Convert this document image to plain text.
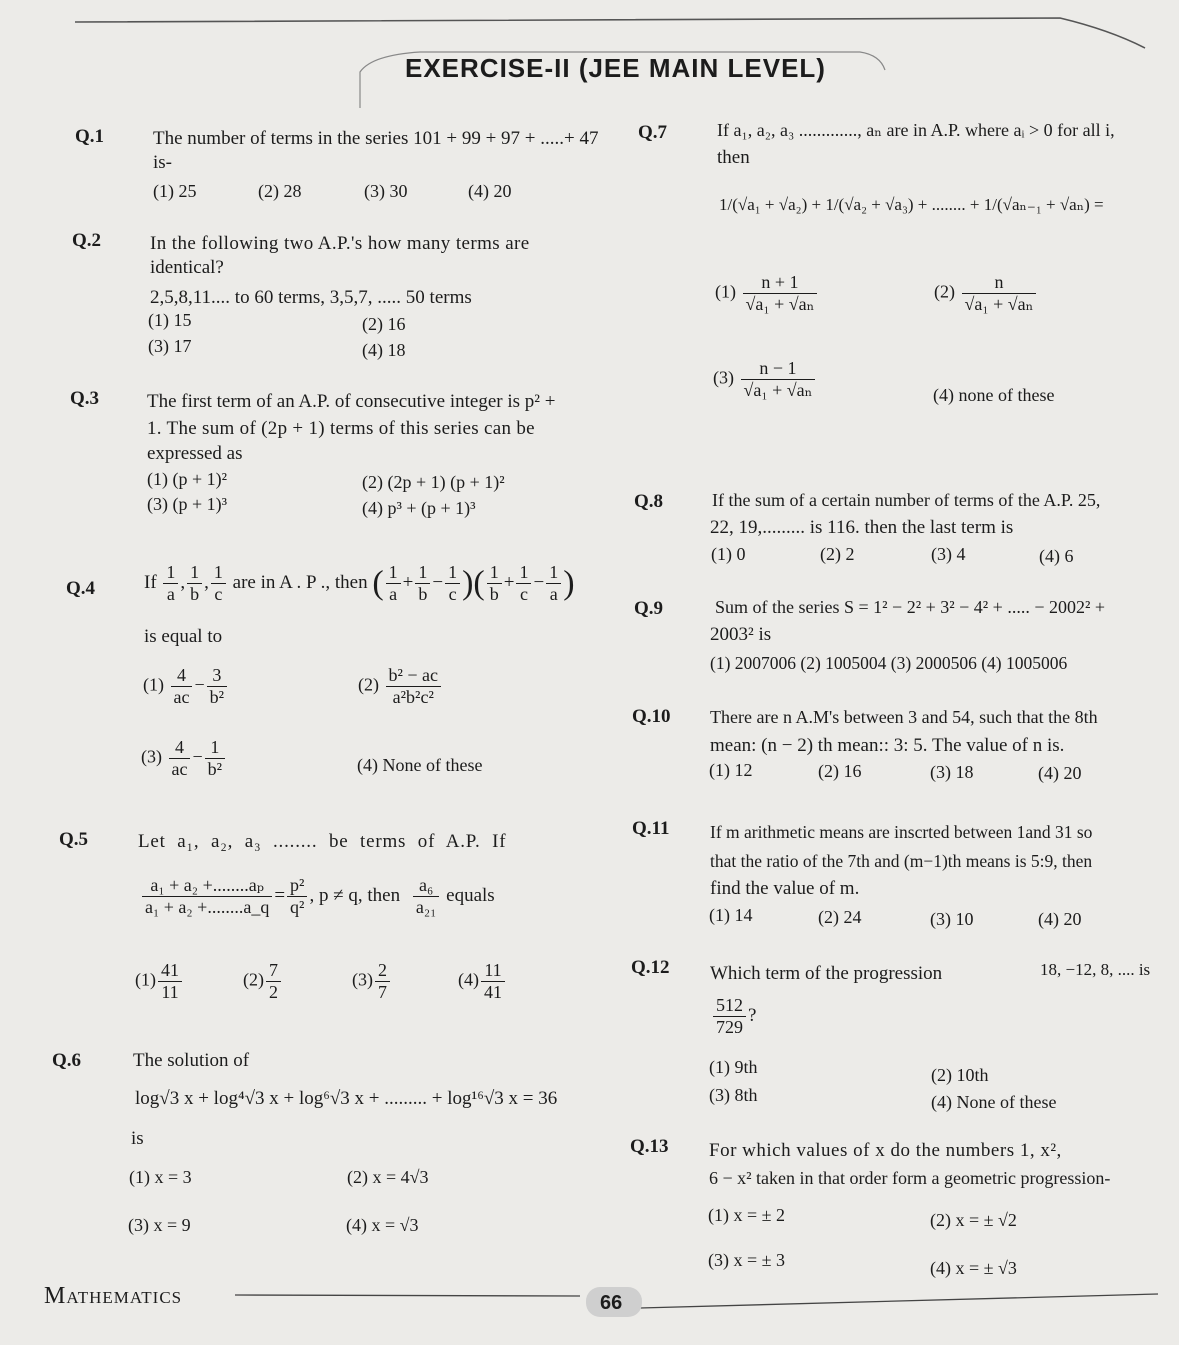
EXERCISE-II (JEE MAIN LEVEL)
Q.1	The number of terms in the series 101 + 99 + 97 + .....+ 47
is-
(1) 25	(2) 28	(3) 30	(4) 20
Q.2	In the following two A.P.'s how many terms are
identical?
2,5,8,11.... to 60 terms, 3,5,7, ..... 50 terms
(1) 15	(2) 16
(3) 17	(4) 18
Q.3	The first term of an A.P. of consecutive integer is p² +
1. The sum of (2p + 1) terms of this series can be
expressed as
(1) (p + 1)²	(2) (2p + 1) (p + 1)²
(3) (p + 1)³	(4) p³ + (p + 1)³
Q.4	If $\frac{1}{a}$ , $\frac{1}{b}$ , $\frac{1}{c}$ are in A . P ., then ( $\frac{1}{a} + \frac{1}{b} - \frac{1}{c}$ )( $\frac{1}{b} + \frac{1}{c} - \frac{1}{a}$ )
is equal to
$(1) \frac{4}{ac} - \frac{3}{\text{b²}}$	$(2) \frac{\text{b² − ac}}{\text{a²b²c²}}$
$(3) \frac{4}{ac} - \frac{1}{\text{b²}}$	(4) None of these
Q.5	Let a₁, a₂, a₃ ........ be terms of A.P. If
$\frac{\text{a₁ + a₂ +........aₚ}}{\text{a₁ + a₂ +........a\_q}} = \frac{\text{p²}}{\text{q²}}$ , p ≠ q, then $\frac{\text{a₆}}{\text{a₂₁}}$ equals
$(1) \frac{41}{11}$	$(2) \frac{7}{2}$	$(3) \frac{2}{7}$	$(4) \frac{11}{41}$
Q.6	The solution of
log√3 x + log⁴√3 x + log⁶√3 x + ......... + log¹⁶√3 x = 36
is
(1) x = 3	(2) x = 4√3
(3) x = 9	(4) x = √3
Q.7	If a₁, a₂, a₃ ............., aₙ are in A.P. where aᵢ > 0 for all i,
then
1/(√a₁ + √a₂) + 1/(√a₂ + √a₃) + ........ + 1/(√aₙ₋₁ + √aₙ) =
$(1) \frac{n + 1}{\text{√a₁ + √aₙ}}$	$(2) \frac{n}{\text{√a₁ + √aₙ}}$
$(3) \frac{n - 1}{\text{√a₁ + √aₙ}}$	(4) none of these
Q.8	If the sum of a certain number of terms of the A.P. 25,
22, 19,......... is 116. then the last term is
(1) 0	(2) 2	(3) 4	(4) 6
Q.9	Sum of the series S = 1² − 2² + 3² − 4² + ..... − 2002² +
2003² is
(1) 2007006 (2) 1005004 (3) 2000506 (4) 1005006
Q.10 There are n A.M's between 3 and 54, such that the 8th
mean: (n − 2) th mean:: 3: 5. The value of n is.
(1) 12	(2) 16	(3) 18	(4) 20
Q.11 If m arithmetic means are inscrted between 1and 31 so
that the ratio of the 7th and (m−1)th means is 5:9, then
find the value of m.
(1) 14	(2) 24	(3) 10	(4) 20
Q.12 Which term of the progression	18, −12, 8, .... is
$\frac{512}{729}$ ?
(1) 9th	(2) 10th
(3) 8th	(4) None of these
Q.13 For which values of x do the numbers 1, x²,
6 − x² taken in that order form a geometric progression-
(1) x = ± 2	(2) x = ± √2
(3) x = ± 3	(4) x = ± √3
Mathematics	66
